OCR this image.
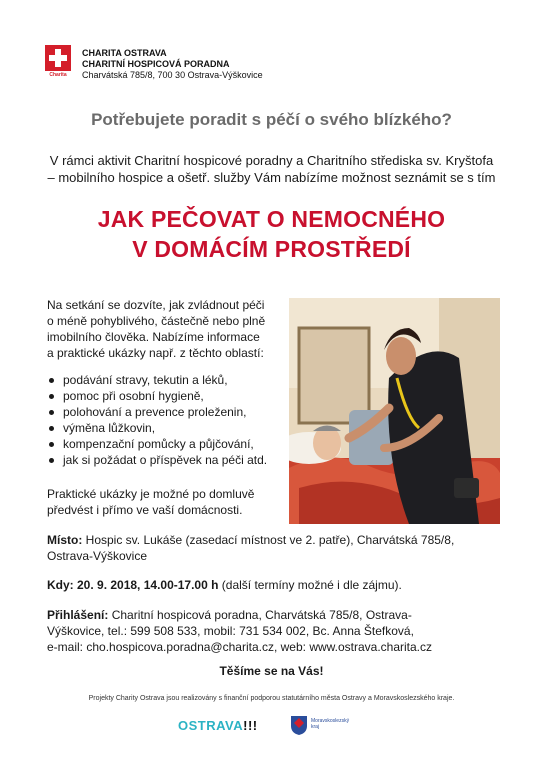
Charita
CHARITA OSTRAVA
CHARITNÍ HOSPICOVÁ PORADNA
Charvátská 785/8, 700 30 Ostrava-Výškovice
Potřebujete poradit s péčí o svého blízkého?
V rámci aktivit Charitní hospicové poradny a Charitního střediska sv. Kryštofa
– mobilního hospice a ošetř. služby Vám nabízíme možnost seznámit se s tím
JAK PEČOVAT O NEMOCNÉHO
V DOMÁCÍM PROSTŘEDÍ
Na setkání se dozvíte, jak zvládnout péči
o méně pohyblivého, částečně nebo plně
imobilního člověka. Nabízíme informace
a praktické ukázky např. z těchto oblastí:
podávání stravy, tekutin a léků,
pomoc při osobní hygieně,
polohování a prevence proleženin,
výměna lůžkovin,
kompenzační pomůcky a půjčování,
jak si požádat o příspěvek na péči atd.
Praktické ukázky je možné po domluvě
předvést i přímo ve vaší domácnosti.
Místo: Hospic sv. Lukáše (zasedací místnost ve 2. patře), Charvátská 785/8,
Ostrava-Výškovice
Kdy: 20. 9. 2018, 14.00-17.00 h (další termíny možné i dle zájmu).
Přihlášení: Charitní hospicová poradna, Charvátská 785/8, Ostrava-
Výškovice, tel.: 599 508 533, mobil: 731 534 002, Bc. Anna Štefková,
e-mail: cho.hospicova.poradna@charita.cz, web: www.ostrava.charita.cz
Těšíme se na Vás!
Projekty Charity Ostrava jsou realizovány s finanční podporou statutárního města Ostravy a Moravskoslezského kraje.
OSTRAVA!!!	Moravskoslezský
kraj
